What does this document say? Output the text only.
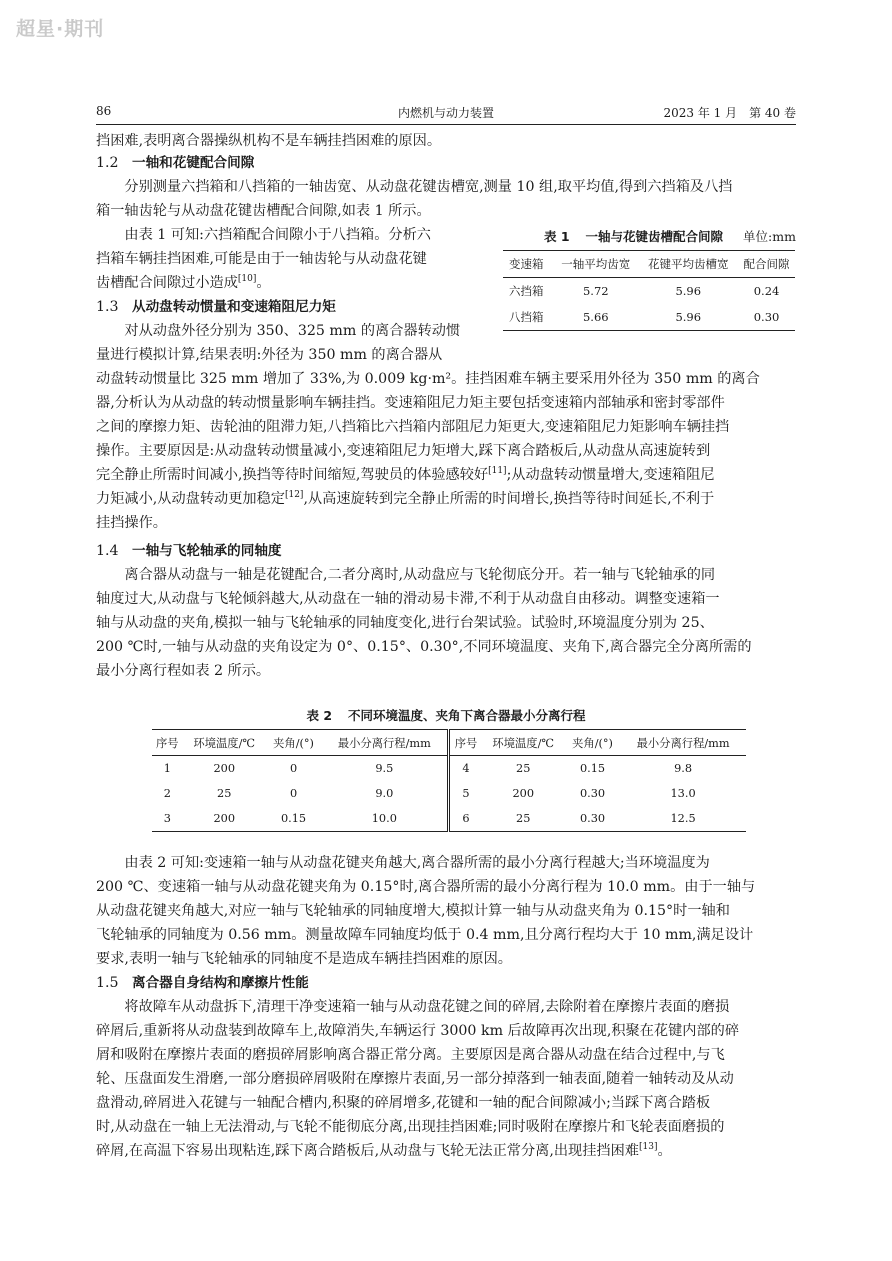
超星·期刊
86	内燃机与动力装置	2023 年 1 月　第 40 卷
挡困难,表明离合器操纵机构不是车辆挂挡困难的原因。
1.2 一轴和花键配合间隙
　　分别测量六挡箱和八挡箱的一轴齿宽、从动盘花键齿槽宽,测量 10 组,取平均值,得到六挡箱及八挡
箱一轴齿轮与从动盘花键齿槽配合间隙,如表 1 所示。
　　由表 1 可知:六挡箱配合间隙小于八挡箱。分析六
挡箱车辆挂挡困难,可能是由于一轴齿轮与从动盘花键
齿槽配合间隙过小造成[10]。
表 1 一轴与花键齿槽配合间隙 单位:mm
变速箱	一轴平均齿宽	花键平均齿槽宽	配合间隙
六挡箱	5.72	5.96	0.24
八挡箱	5.66	5.96	0.30
1.3 从动盘转动惯量和变速箱阻尼力矩
　　对从动盘外径分别为 350、325 mm 的离合器转动惯
量进行模拟计算,结果表明:外径为 350 mm 的离合器从
动盘转动惯量比 325 mm 增加了 33%,为 0.009 kg·m²。挂挡困难车辆主要采用外径为 350 mm 的离合
器,分析认为从动盘的转动惯量影响车辆挂挡。变速箱阻尼力矩主要包括变速箱内部轴承和密封零部件
之间的摩擦力矩、齿轮油的阻滞力矩,八挡箱比六挡箱内部阻尼力矩更大,变速箱阻尼力矩影响车辆挂挡
操作。主要原因是:从动盘转动惯量减小,变速箱阻尼力矩增大,踩下离合踏板后,从动盘从高速旋转到
完全静止所需时间减小,换挡等待时间缩短,驾驶员的体验感较好[11];从动盘转动惯量增大,变速箱阻尼
力矩减小,从动盘转动更加稳定[12],从高速旋转到完全静止所需的时间增长,换挡等待时间延长,不利于
挂挡操作。
1.4 一轴与飞轮轴承的同轴度
　　离合器从动盘与一轴是花键配合,二者分离时,从动盘应与飞轮彻底分开。若一轴与飞轮轴承的同
轴度过大,从动盘与飞轮倾斜越大,从动盘在一轴的滑动易卡滞,不利于从动盘自由移动。调整变速箱一
轴与从动盘的夹角,模拟一轴与飞轮轴承的同轴度变化,进行台架试验。试验时,环境温度分别为 25、
200 ℃时,一轴与从动盘的夹角设定为 0°、0.15°、0.30°,不同环境温度、夹角下,离合器完全分离所需的
最小分离行程如表 2 所示。
表 2 不同环境温度、夹角下离合器最小分离行程
序号	环境温度/℃	夹角/(°)	最小分离行程/mm	序号	环境温度/℃	夹角/(°)	最小分离行程/mm
1	200	0	9.5	4	25	0.15	9.8
2	25	0	9.0	5	200	0.30	13.0
3	200	0.15	10.0	6	25	0.30	12.5
　　由表 2 可知:变速箱一轴与从动盘花键夹角越大,离合器所需的最小分离行程越大;当环境温度为
200 ℃、变速箱一轴与从动盘花键夹角为 0.15°时,离合器所需的最小分离行程为 10.0 mm。由于一轴与
从动盘花键夹角越大,对应一轴与飞轮轴承的同轴度增大,模拟计算一轴与从动盘夹角为 0.15°时一轴和
飞轮轴承的同轴度为 0.56 mm。测量故障车同轴度均低于 0.4 mm,且分离行程均大于 10 mm,满足设计
要求,表明一轴与飞轮轴承的同轴度不是造成车辆挂挡困难的原因。
1.5 离合器自身结构和摩擦片性能
　　将故障车从动盘拆下,清理干净变速箱一轴与从动盘花键之间的碎屑,去除附着在摩擦片表面的磨损
碎屑后,重新将从动盘装到故障车上,故障消失,车辆运行 3000 km 后故障再次出现,积聚在花键内部的碎
屑和吸附在摩擦片表面的磨损碎屑影响离合器正常分离。主要原因是离合器从动盘在结合过程中,与飞
轮、压盘面发生滑磨,一部分磨损碎屑吸附在摩擦片表面,另一部分掉落到一轴表面,随着一轴转动及从动
盘滑动,碎屑进入花键与一轴配合槽内,积聚的碎屑增多,花键和一轴的配合间隙减小;当踩下离合踏板
时,从动盘在一轴上无法滑动,与飞轮不能彻底分离,出现挂挡困难;同时吸附在摩擦片和飞轮表面磨损的
碎屑,在高温下容易出现粘连,踩下离合踏板后,从动盘与飞轮无法正常分离,出现挂挡困难[13]。
